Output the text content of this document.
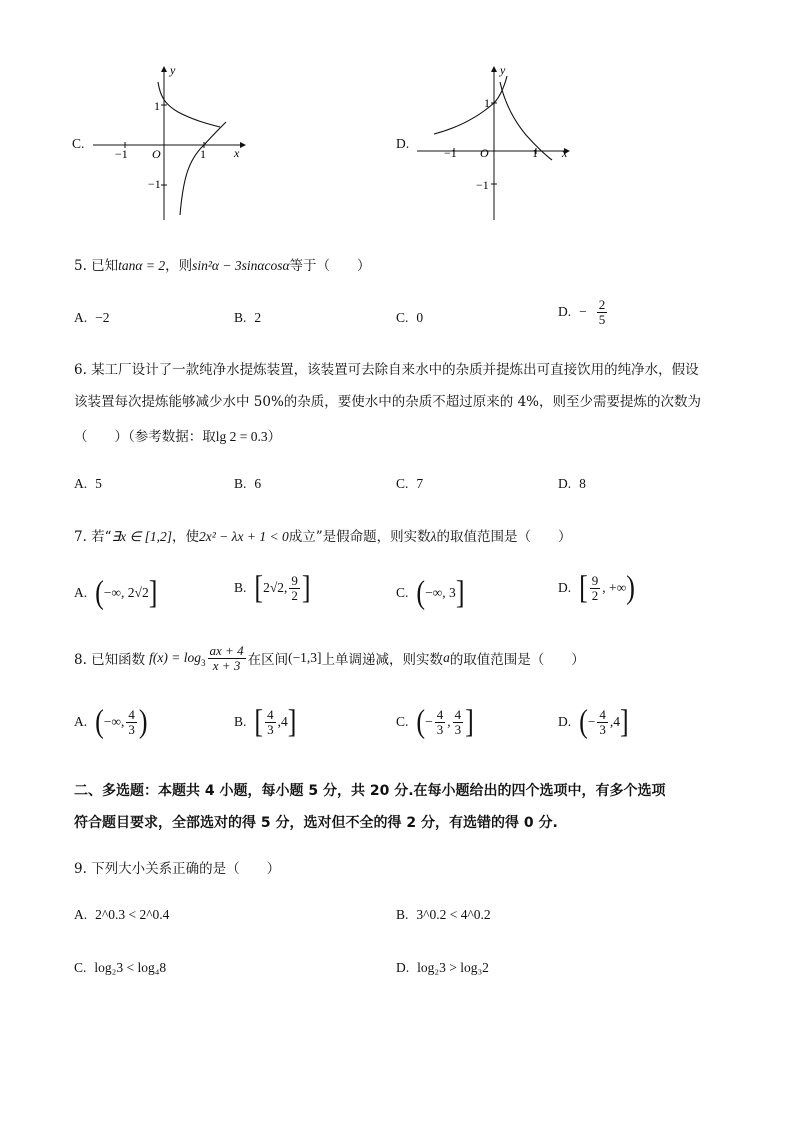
C.
y
x
O
1
−1
−1	1
D.
y
x
O
1
−1
−1	1
5. 已知tanα = 2，则sin²α − 3sinαcosα等于（　　）
A. −2	B. 2	C. 0	D. − $\frac{2}{5}$
6. 某工厂设计了一款纯净水提炼装置，该装置可去除自来水中的杂质并提炼出可直接饮用的纯净水，假设
该装置每次提炼能够减少水中 50%的杂质，要使水中的杂质不超过原来的 4%，则至少需要提炼的次数为
（　　）（参考数据：取lg 2 = 0.3）
A. 5	B. 6	C. 7	D. 8
7. 若“∃x ∈ [1,2]，使2x² − λx + 1 < 0成立”是假命题，则实数λ的取值范围是（　　）
A. ( −∞, 2√2 ]	B. [ 2√2, $\frac{9}{2}$ ]	C. ( −∞, 3 ]	D. [ $\frac{9}{2}$ , +∞ )
8. 已知函数 $f(x) = \log_3 \frac{ax + 4}{x + 3}$ 在区间 (−1,3] 上单调递减，则实数 a 的取值范围是（　　）
A. ( −∞, $\frac{4}{3}$ )	B. [ $\frac{4}{3} ,4$ ]	C. ( − $\frac{4}{3}$ , $\frac{4}{3}$ ]	D. ( − $\frac{4}{3} ,4$ ]
二、多选题：本题共 4 小题，每小题 5 分，共 20 分.在每小题给出的四个选项中，有多个选项
符合题目要求，全部选对的得 5 分，选对但不全的得 2 分，有选错的得 0 分.
9. 下列大小关系正确的是（　　）
A. 2^0.3 < 2^0.4	B. 3^0.2 < 4^0.2
C. log₂3 < log₄8	D. log₂3 > log₃2
